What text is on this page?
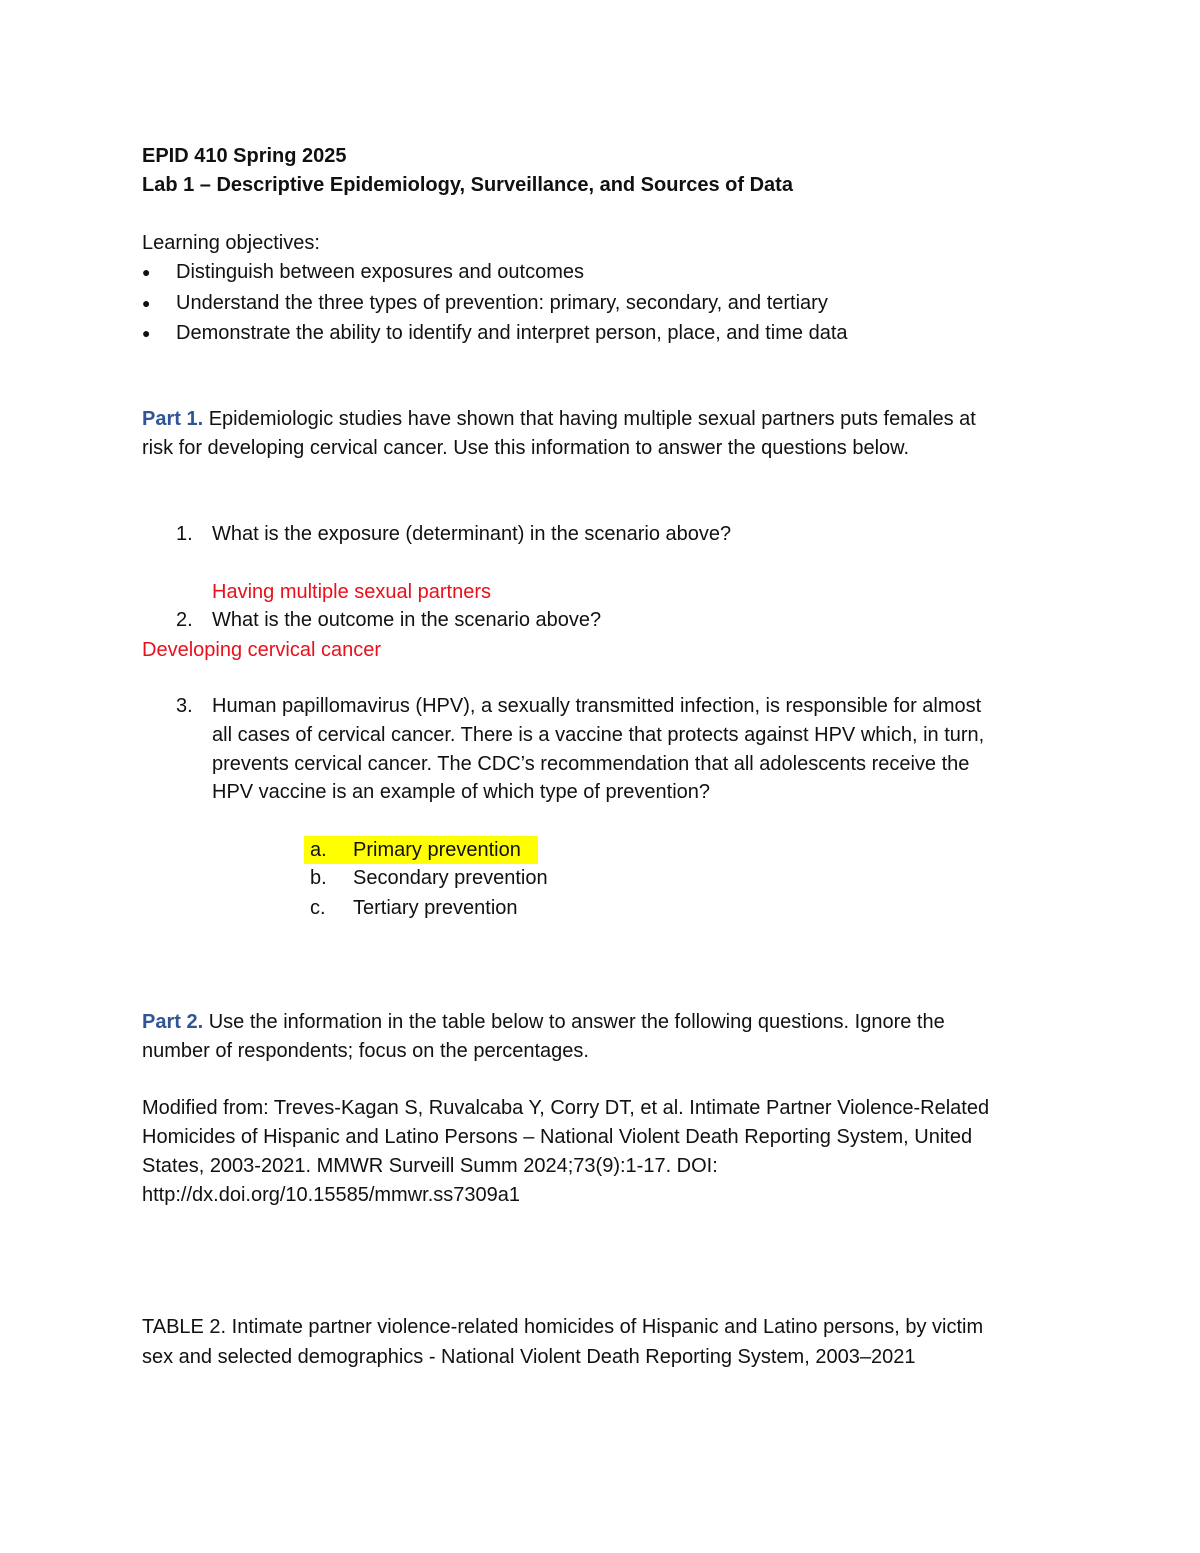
EPID 410 Spring 2025
Lab 1 – Descriptive Epidemiology, Surveillance, and Sources of Data
Learning objectives:
● Distinguish between exposures and outcomes
● Understand the three types of prevention: primary, secondary, and tertiary
● Demonstrate the ability to identify and interpret person, place, and time data
Part 1. Epidemiologic studies have shown that having multiple sexual partners puts females at
risk for developing cervical cancer. Use this information to answer the questions below.
1. What is the exposure (determinant) in the scenario above?
Having multiple sexual partners
2. What is the outcome in the scenario above?
Developing cervical cancer
3. Human papillomavirus (HPV), a sexually transmitted infection, is responsible for almost
all cases of cervical cancer. There is a vaccine that protects against HPV which, in turn,
prevents cervical cancer. The CDC’s recommendation that all adolescents receive the
HPV vaccine is an example of which type of prevention?
a. Primary prevention
b. Secondary prevention
c. Tertiary prevention
Part 2. Use the information in the table below to answer the following questions. Ignore the
number of respondents; focus on the percentages.
Modified from: Treves-Kagan S, Ruvalcaba Y, Corry DT, et al. Intimate Partner Violence-Related
Homicides of Hispanic and Latino Persons – National Violent Death Reporting System, United
States, 2003-2021. MMWR Surveill Summ 2024;73(9):1-17. DOI:
http://dx.doi.org/10.15585/mmwr.ss7309a1
TABLE 2. Intimate partner violence-related homicides of Hispanic and Latino persons, by victim
sex and selected demographics - National Violent Death Reporting System, 2003–2021
